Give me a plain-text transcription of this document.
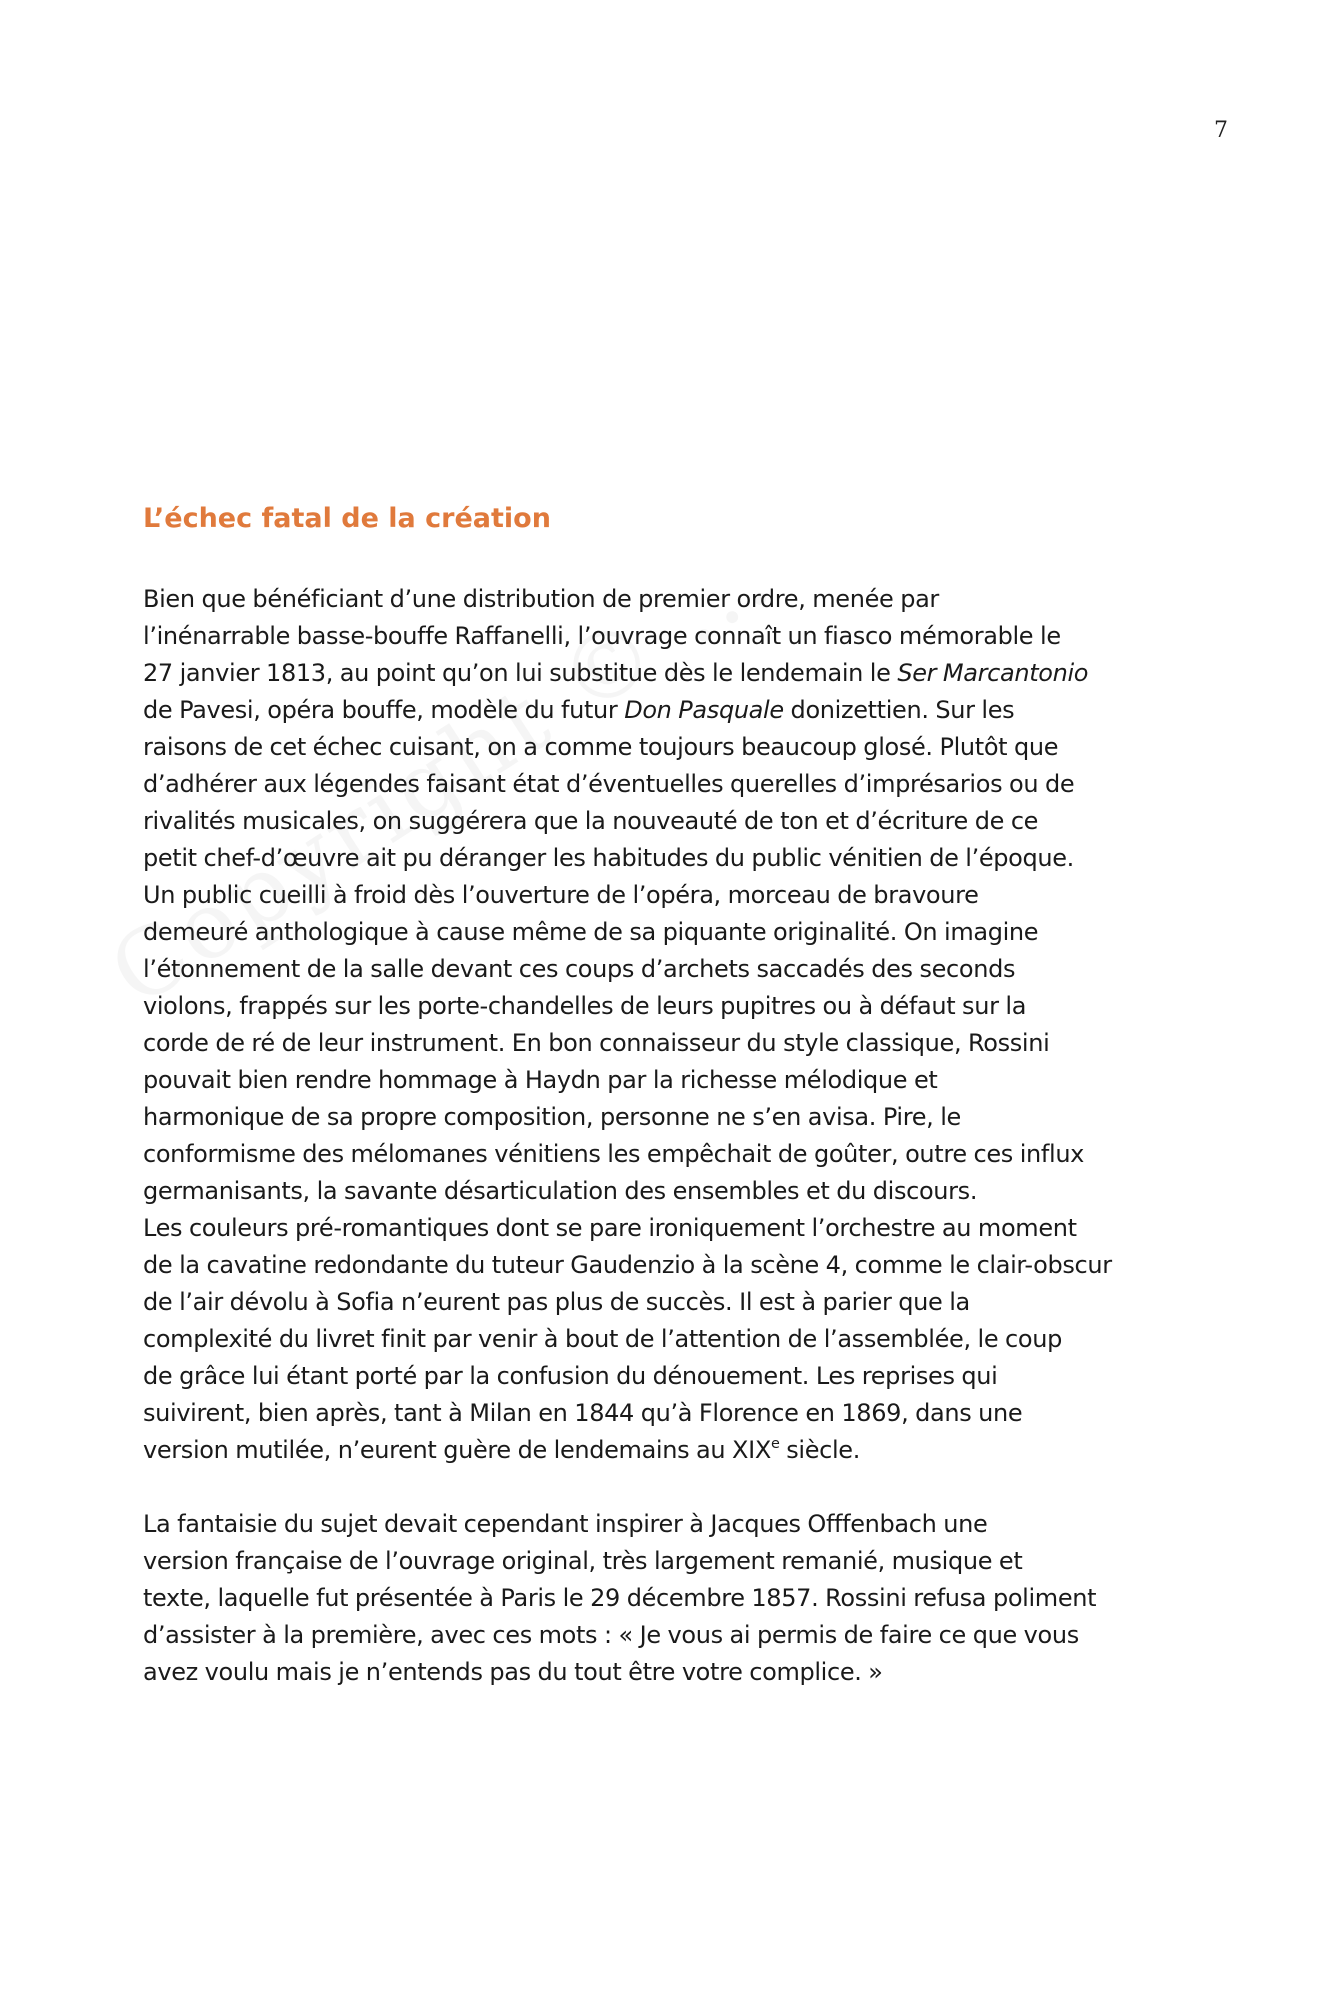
7
L’échec fatal de la création

Bien que bénéficiant d’une distribution de premier ordre, menée par
l’inénarrable basse-bouffe Raffanelli, l’ouvrage connaît un fiasco mémorable le
27 janvier 1813, au point qu’on lui substitue dès le lendemain le Ser Marcantonio
de Pavesi, opéra bouffe, modèle du futur Don Pasquale donizettien. Sur les
raisons de cet échec cuisant, on a comme toujours beaucoup glosé. Plutôt que
d’adhérer aux légendes faisant état d’éventuelles querelles d’imprésarios ou de
rivalités musicales, on suggérera que la nouveauté de ton et d’écriture de ce
petit chef-d’œuvre ait pu déranger les habitudes du public vénitien de l’époque.
Un public cueilli à froid dès l’ouverture de l’opéra, morceau de bravoure
demeuré anthologique à cause même de sa piquante originalité. On imagine
l’étonnement de la salle devant ces coups d’archets saccadés des seconds
violons, frappés sur les porte-chandelles de leurs pupitres ou à défaut sur la
corde de ré de leur instrument. En bon connaisseur du style classique, Rossini
pouvait bien rendre hommage à Haydn par la richesse mélodique et
harmonique de sa propre composition, personne ne s’en avisa. Pire, le
conformisme des mélomanes vénitiens les empêchait de goûter, outre ces influx
germanisants, la savante désarticulation des ensembles et du discours.

Les couleurs pré-romantiques dont se pare ironiquement l’orchestre au moment
de la cavatine redondante du tuteur Gaudenzio à la scène 4, comme le clair-obscur
de l’air dévolu à Sofia n’eurent pas plus de succès. Il est à parier que la
complexité du livret finit par venir à bout de l’attention de l’assemblée, le coup
de grâce lui étant porté par la confusion du dénouement. Les reprises qui
suivirent, bien après, tant à Milan en 1844 qu’à Florence en 1869, dans une
version mutilée, n’eurent guère de lendemains au XIXe siècle.

La fantaisie du sujet devait cependant inspirer à Jacques Offfenbach une
version française de l’ouvrage original, très largement remanié, musique et
texte, laquelle fut présentée à Paris le 29 décembre 1857. Rossini refusa poliment
d’assister à la première, avec ces mots : « Je vous ai permis de faire ce que vous
avez voulu mais je n’entends pas du tout être votre complice. »
